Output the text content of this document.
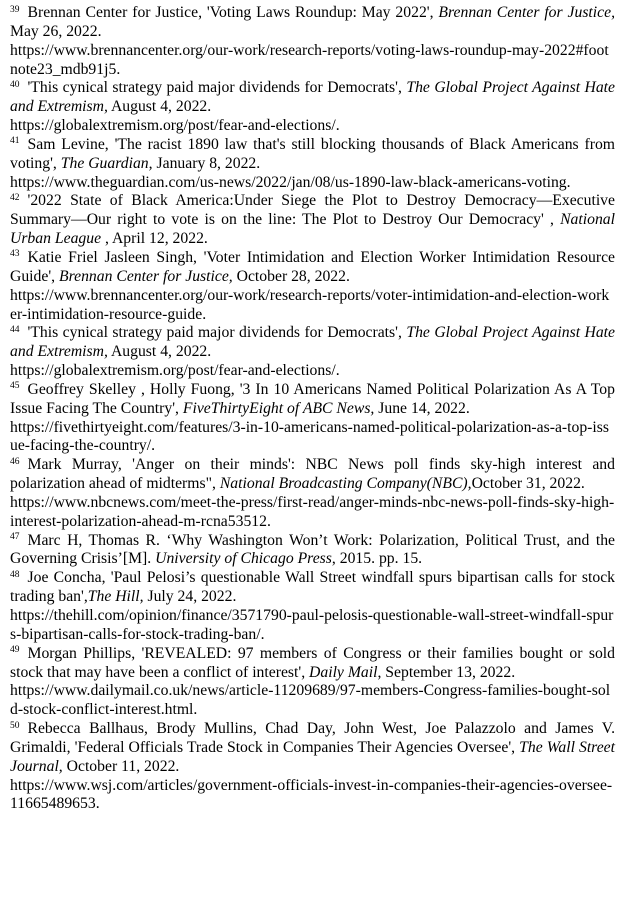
$^{39}$ Brennan Center for Justice, 'Voting Laws Roundup: May 2022', Brennan Center for Justice, May 26, 2022.
https://www.brennancenter.org/our-work/research-reports/voting-laws-roundup-may-2022#footnote23_mdb91j5.

$^{40}$ 'This cynical strategy paid major dividends for Democrats', The Global Project Against Hate and Extremism, August 4, 2022.
https://globalextremism.org/post/fear-and-elections/.

$^{41}$ Sam Levine, 'The racist 1890 law that's still blocking thousands of Black Americans from voting', The Guardian, January 8, 2022.
https://www.theguardian.com/us-news/2022/jan/08/us-1890-law-black-americans-voting.

$^{42}$ '2022 State of Black America:Under Siege the Plot to Destroy Democracy—Executive Summary—Our right to vote is on the line: The Plot to Destroy Our Democracy' , National Urban League , April 12, 2022.

$^{43}$ Katie Friel Jasleen Singh, 'Voter Intimidation and Election Worker Intimidation Resource Guide', Brennan Center for Justice, October 28, 2022.
https://www.brennancenter.org/our-work/research-reports/voter-intimidation-and-election-worker-intimidation-resource-guide.

$^{44}$ 'This cynical strategy paid major dividends for Democrats', The Global Project Against Hate and Extremism, August 4, 2022.
https://globalextremism.org/post/fear-and-elections/.

$^{45}$ Geoffrey Skelley , Holly Fuong, '3 In 10 Americans Named Political Polarization As A Top Issue Facing The Country', FiveThirtyEight of ABC News, June 14, 2022.
https://fivethirtyeight.com/features/3-in-10-americans-named-political-polarization-as-a-top-issue-facing-the-country/.

$^{46}$ Mark Murray, 'Anger on their minds': NBC News poll finds sky-high interest and polarization ahead of midterms", National Broadcasting Company(NBC),October 31, 2022.
https://www.nbcnews.com/meet-the-press/first-read/anger-minds-nbc-news-poll-finds-sky-high-interest-polarization-ahead-m-rcna53512.

$^{47}$ Marc H, Thomas R. ‘Why Washington Won’t Work: Polarization, Political Trust, and the Governing Crisis’[M]. University of Chicago Press, 2015. pp. 15.

$^{48}$ Joe Concha, 'Paul Pelosi’s questionable Wall Street windfall spurs bipartisan calls for stock trading ban',The Hill, July 24, 2022.
https://thehill.com/opinion/finance/3571790-paul-pelosis-questionable-wall-street-windfall-spurs-bipartisan-calls-for-stock-trading-ban/.

$^{49}$ Morgan Phillips, 'REVEALED: 97 members of Congress or their families bought or sold stock that may have been a conflict of interest', Daily Mail, September 13, 2022.
https://www.dailymail.co.uk/news/article-11209689/97-members-Congress-families-bought-sold-stock-conflict-interest.html.

$^{50}$ Rebecca Ballhaus, Brody Mullins, Chad Day, John West, Joe Palazzolo and James V. Grimaldi, 'Federal Officials Trade Stock in Companies Their Agencies Oversee', The Wall Street Journal, October 11, 2022.
https://www.wsj.com/articles/government-officials-invest-in-companies-their-agencies-oversee-11665489653.
